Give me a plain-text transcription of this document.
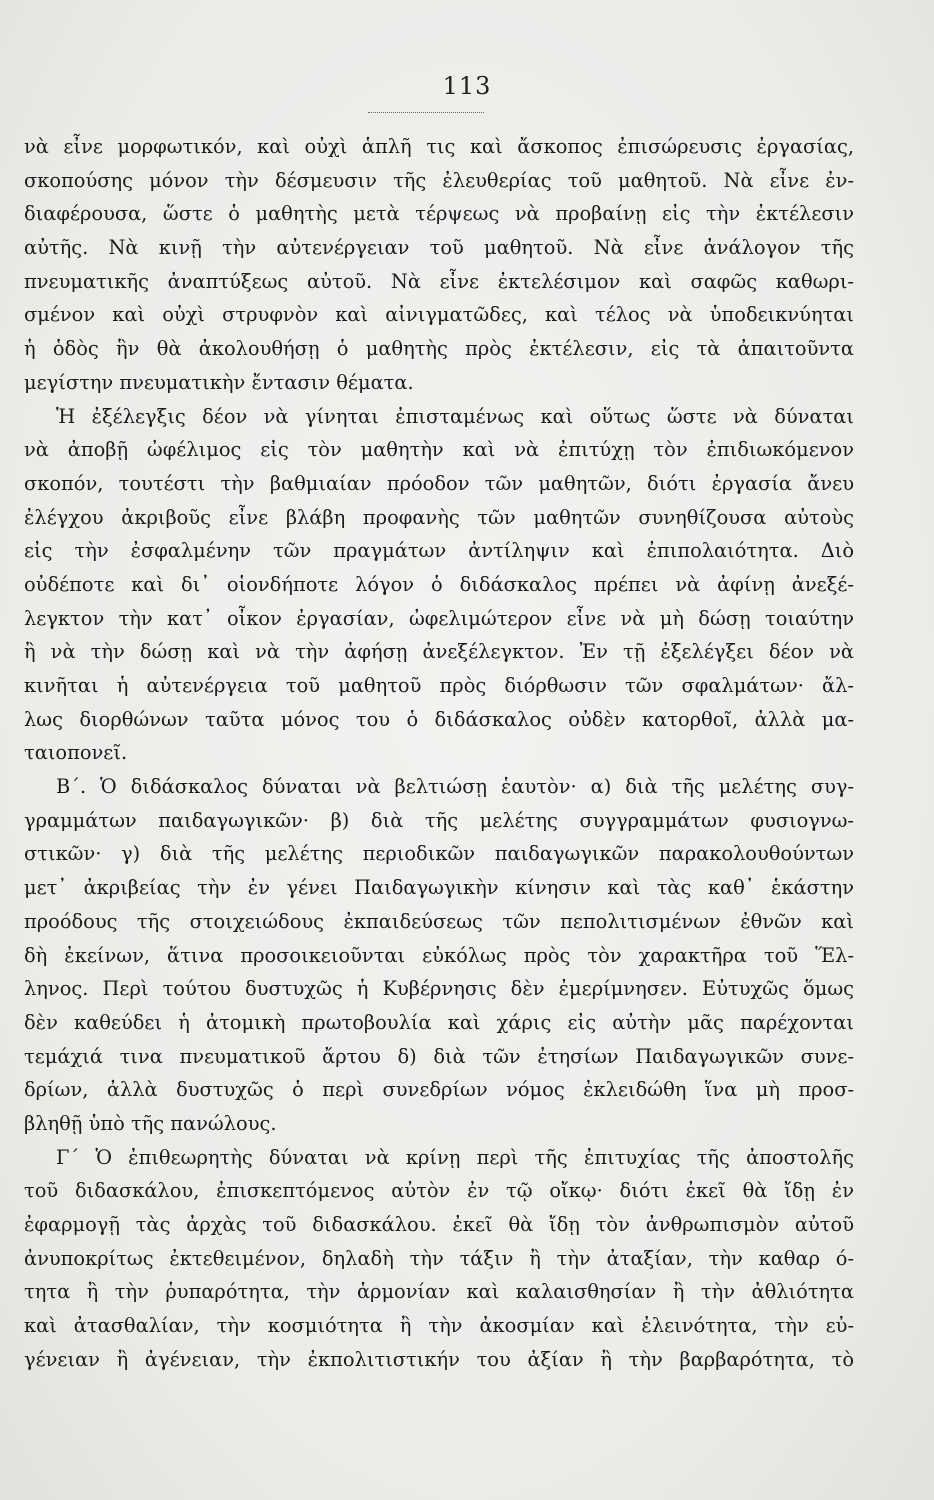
113
νὰ εἶνε μορφωτικόν, καὶ οὐχὶ ἁπλῆ τις καὶ ἄσκοπος ἐπισώρευσις ἐργασίας,
σκοπούσης μόνον τὴν δέσμευσιν τῆς ἐλευθερίας τοῦ μαθητοῦ. Νὰ εἶνε ἐν-
διαφέρουσα, ὥστε ὁ μαθητὴς μετὰ τέρψεως νὰ προβαίνῃ εἰς τὴν ἐκτέλεσιν
αὐτῆς. Νὰ κινῇ τὴν αὐτενέργειαν τοῦ μαθητοῦ. Νὰ εἶνε ἀνάλογον τῆς
πνευματικῆς ἀναπτύξεως αὐτοῦ. Νὰ εἶνε ἐκτελέσιμον καὶ σαφῶς καθωρι-
σμένον καὶ οὐχὶ στρυφνὸν καὶ αἰνιγματῶδες, καὶ τέλος νὰ ὑποδεικνύηται
ἡ ὁδὸς ἣν θὰ ἀκολουθήσῃ ὁ μαθητὴς πρὸς ἐκτέλεσιν, εἰς τὰ ἀπαιτοῦντα
μεγίστην πνευματικὴν ἔντασιν θέματα.
Ἡ ἐξέλεγξις δέον νὰ γίνηται ἐπισταμένως καὶ οὕτως ὥστε νὰ δύναται
νὰ ἀποβῇ ὠφέλιμος εἰς τὸν μαθητὴν καὶ νὰ ἐπιτύχῃ τὸν ἐπιδιωκόμενον
σκοπόν, τουτέστι τὴν βαθμιαίαν πρόοδον τῶν μαθητῶν, διότι ἐργασία ἄνευ
ἐλέγχου ἀκριβοῦς εἶνε βλάβη προφανὴς τῶν μαθητῶν συνηθίζουσα αὐτοὺς
εἰς τὴν ἐσφαλμένην τῶν πραγμάτων ἀντίληψιν καὶ ἐπιπολαιότητα. Διὸ
οὐδέποτε καὶ δι᾽ οἱονδήποτε λόγον ὁ διδάσκαλος πρέπει νὰ ἀφίνῃ ἀνεξέ-
λεγκτον τὴν κατ᾽ οἶκον ἐργασίαν, ὠφελιμώτερον εἶνε νὰ μὴ δώσῃ τοιαύτην
ἢ νὰ τὴν δώσῃ καὶ νὰ τὴν ἀφήσῃ ἀνεξέλεγκτον. Ἐν τῇ ἐξελέγξει δέον νὰ
κινῆται ἡ αὐτενέργεια τοῦ μαθητοῦ πρὸς διόρθωσιν τῶν σφαλμάτων· ἄλ-
λως διορθώνων ταῦτα μόνος του ὁ διδάσκαλος οὐδὲν κατορθοῖ, ἀλλὰ μα-
ταιοπονεῖ.
Β´. Ὁ διδάσκαλος δύναται νὰ βελτιώσῃ ἑαυτὸν· α) διὰ τῆς μελέτης συγ-
γραμμάτων παιδαγωγικῶν· β) διὰ τῆς μελέτης συγγραμμάτων φυσιογνω-
στικῶν· γ) διὰ τῆς μελέτης περιοδικῶν παιδαγωγικῶν παρακολουθούντων
μετ᾽ ἀκριβείας τὴν ἐν γένει Παιδαγωγικὴν κίνησιν καὶ τὰς καθ᾽ ἑκάστην
προόδους τῆς στοιχειώδους ἐκπαιδεύσεως τῶν πεπολιτισμένων ἐθνῶν καὶ
δὴ ἐκείνων, ἅτινα προσοικειοῦνται εὐκόλως πρὸς τὸν χαρακτῆρα τοῦ Ἕλ-
ληνος. Περὶ τούτου δυστυχῶς ἡ Κυβέρνησις δὲν ἐμερίμνησεν. Εὐτυχῶς ὅμως
δὲν καθεύδει ἡ ἀτομικὴ πρωτοβουλία καὶ χάρις εἰς αὐτὴν μᾶς παρέχονται
τεμάχιά τινα πνευματικοῦ ἄρτου δ) διὰ τῶν ἐτησίων Παιδαγωγικῶν συνε-
δρίων, ἀλλὰ δυστυχῶς ὁ περὶ συνεδρίων νόμος ἐκλειδώθη ἵνα μὴ προσ-
βληθῇ ὑπὸ τῆς πανώλους.
Γ´ Ὁ ἐπιθεωρητὴς δύναται νὰ κρίνῃ περὶ τῆς ἐπιτυχίας τῆς ἀποστολῆς
τοῦ διδασκάλου, ἐπισκεπτόμενος αὐτὸν ἐν τῷ οἴκῳ· διότι ἐκεῖ θὰ ἴδῃ ἐν
ἐφαρμογῇ τὰς ἀρχὰς τοῦ διδασκάλου. ἐκεῖ θὰ ἴδῃ τὸν ἀνθρωπισμὸν αὐτοῦ
ἀνυποκρίτως ἐκτεθειμένον, δηλαδὴ τὴν τάξιν ἢ τὴν ἀταξίαν, τὴν καθαρ ό-
τητα ἢ τὴν ῥυπαρότητα, τὴν ἁρμονίαν καὶ καλαισθησίαν ἢ τὴν ἀθλιότητα
καὶ ἀτασθαλίαν, τὴν κοσμιότητα ἢ τὴν ἀκοσμίαν καὶ ἐλεινότητα, τὴν εὐ-
γένειαν ἢ ἀγένειαν, τὴν ἐκπολιτιστικήν του ἀξίαν ἢ τὴν βαρβαρότητα, τὸ
